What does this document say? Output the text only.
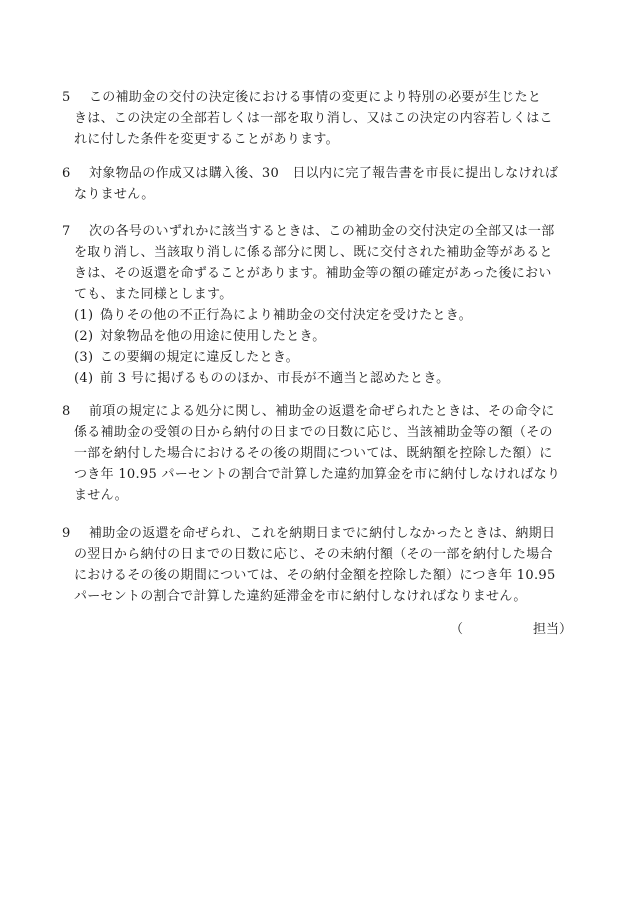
5 この補助金の交付の決定後における事情の変更により特別の必要が生じたと
きは、この決定の全部若しくは一部を取り消し、又はこの決定の内容若しくはこ
れに付した条件を変更することがあります。
6 対象物品の作成又は購入後、30　日以内に完了報告書を市長に提出しなければ
なりません。
7 次の各号のいずれかに該当するときは、この補助金の交付決定の全部又は一部
を取り消し、当該取り消しに係る部分に関し、既に交付された補助金等があると
きは、その返還を命ずることがあります。補助金等の額の確定があった後におい
ても、また同様とします。
(1) 偽りその他の不正行為により補助金の交付決定を受けたとき。
(2) 対象物品を他の用途に使用したとき。
(3) この要綱の規定に違反したとき。
(4) 前 3 号に掲げるもののほか、市長が不適当と認めたとき。
8 前項の規定による処分に関し、補助金の返還を命ぜられたときは、その命令に
係る補助金の受領の日から納付の日までの日数に応じ、当該補助金等の額（その
一部を納付した場合におけるその後の期間については、既納額を控除した額）に
つき年 10.95 パーセントの割合で計算した違約加算金を市に納付しなければなり
ません。
9 補助金の返還を命ぜられ、これを納期日までに納付しなかったときは、納期日
の翌日から納付の日までの日数に応じ、その未納付額（その一部を納付した場合
におけるその後の期間については、その納付金額を控除した額）につき年 10.95
パーセントの割合で計算した違約延滞金を市に納付しなければなりません。
（	担当）
